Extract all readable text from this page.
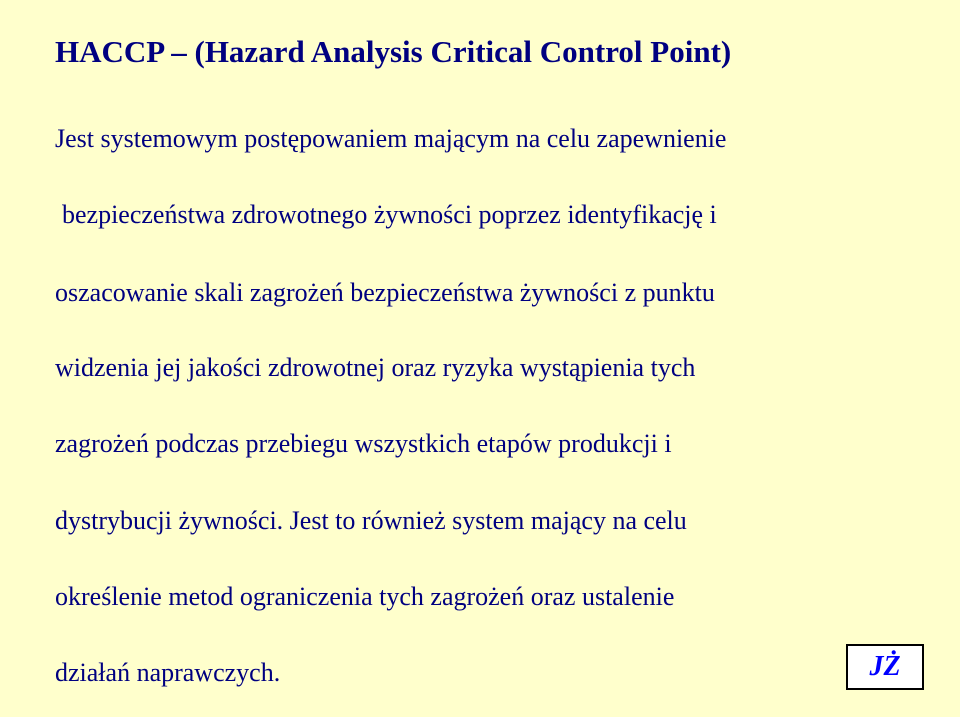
HACCP – (Hazard Analysis Critical Control Point)

Jest systemowym postępowaniem mającym na celu zapewnienie

bezpieczeństwa zdrowotnego żywności poprzez identyfikację i

oszacowanie skali zagrożeń bezpieczeństwa żywności z punktu

widzenia jej jakości zdrowotnej oraz ryzyka wystąpienia tych

zagrożeń podczas przebiegu wszystkich etapów produkcji i

dystrybucji żywności. Jest to również system mający na celu

określenie metod ograniczenia tych zagrożeń oraz ustalenie

działań naprawczych.	JŻ
